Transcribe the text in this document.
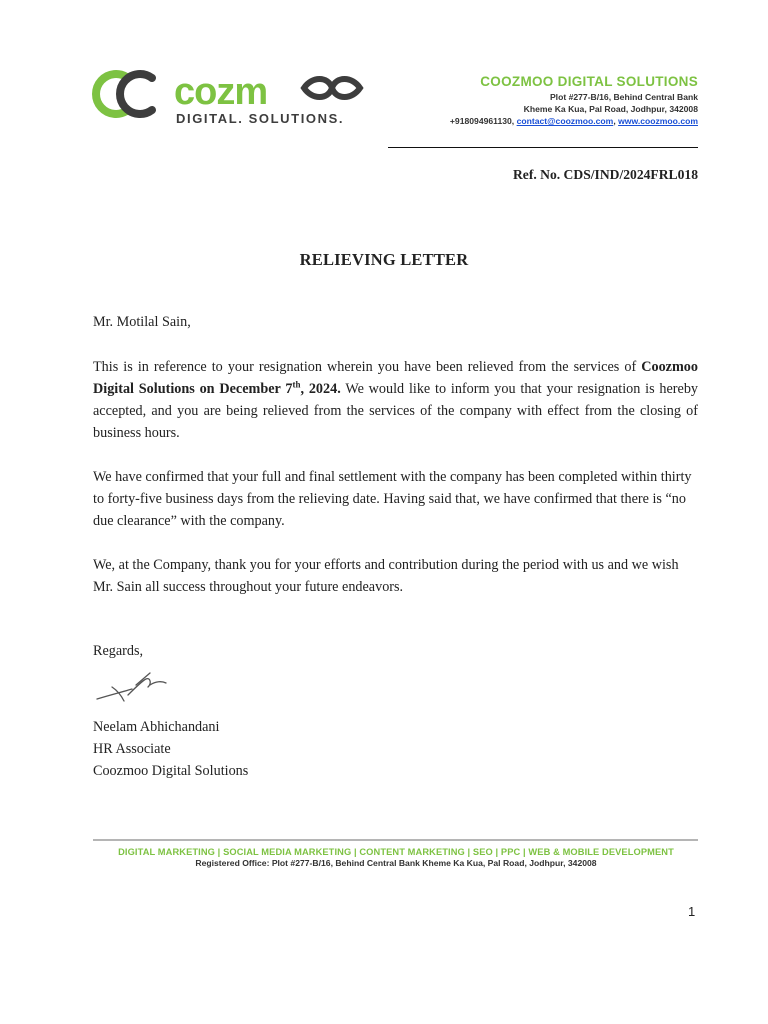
cozm
DIGITAL. SOLUTIONS.
COOZMOO DIGITAL SOLUTIONS
Plot #277-B/16, Behind Central Bank
Kheme Ka Kua, Pal Road, Jodhpur, 342008
+918094961130, contact@coozmoo.com, www.coozmoo.com
Ref. No. CDS/IND/2024FRL018
RELIEVING LETTER
Mr. Motilal Sain,
This is in reference to your resignation wherein you have been relieved from the services of Coozmoo Digital Solutions on December 7th, 2024. We would like to inform you that your resignation is hereby accepted, and you are being relieved from the services of the company with effect from the closing of business hours.
We have confirmed that your full and final settlement with the company has been completed within thirty to forty-five business days from the relieving date. Having said that, we have confirmed that there is “no due clearance” with the company.
We, at the Company, thank you for your efforts and contribution during the period with us and we wish Mr. Sain all success throughout your future endeavors.
Regards,
Neelam Abhichandani
HR Associate
Coozmoo Digital Solutions
DIGITAL MARKETING | SOCIAL MEDIA MARKETING | CONTENT MARKETING | SEO | PPC | WEB & MOBILE DEVELOPMENT
Registered Office: Plot #277-B/16, Behind Central Bank Kheme Ka Kua, Pal Road, Jodhpur, 342008
1
